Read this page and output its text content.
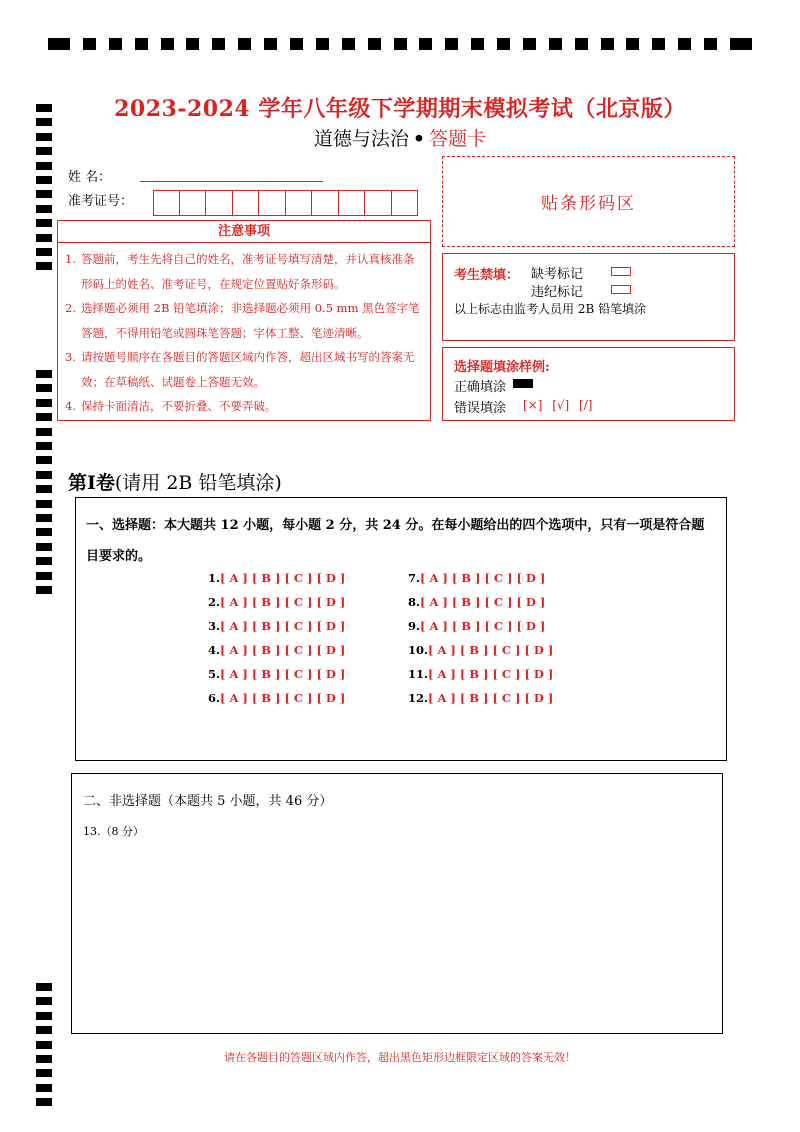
2023-2024 学年八年级下学期期末模拟考试（北京版）
道德与法治 • 答题卡
姓 名：
准考证号：	贴条形码区
注意事项
1. 答题前，考生先将自己的姓名，准考证号填写清楚，并认真核准条形码上的姓名、准考证号，在规定位置贴好条形码。
2. 选择题必须用 2B 铅笔填涂；非选择题必须用 0.5 mm 黑色签字笔答题，不得用铅笔或圆珠笔答题；字体工整、笔迹清晰。
3. 请按题号顺序在各题目的答题区域内作答，超出区域书写的答案无效；在草稿纸、试题卷上答题无效。
4. 保持卡面清洁，不要折叠、不要弄破。
考生禁填： 缺考标记
违纪标记
以上标志由监考人员用 2B 铅笔填涂
选择题填涂样例:
正确填涂
错误填涂 [×] [√] [/]
第Ⅰ卷(请用 2B 铅笔填涂)
一、选择题：本大题共 12 小题，每小题 2 分，共 24 分。在每小题给出的四个选项中，只有一项是符合题目要求的。
1.[ A ] [ B ] [ C ] [ D ]
2.[ A ] [ B ] [ C ] [ D ]
3.[ A ] [ B ] [ C ] [ D ]
4.[ A ] [ B ] [ C ] [ D ]
5.[ A ] [ B ] [ C ] [ D ]
6.[ A ] [ B ] [ C ] [ D ]
7.[ A ] [ B ] [ C ] [ D ]
8.[ A ] [ B ] [ C ] [ D ]
9.[ A ] [ B ] [ C ] [ D ]
10.[ A ] [ B ] [ C ] [ D ]
11.[ A ] [ B ] [ C ] [ D ]
12.[ A ] [ B ] [ C ] [ D ]
二、非选择题（本题共 5 小题，共 46 分）
13.（8 分）
请在各题目的答题区域内作答，超出黑色矩形边框限定区域的答案无效！
